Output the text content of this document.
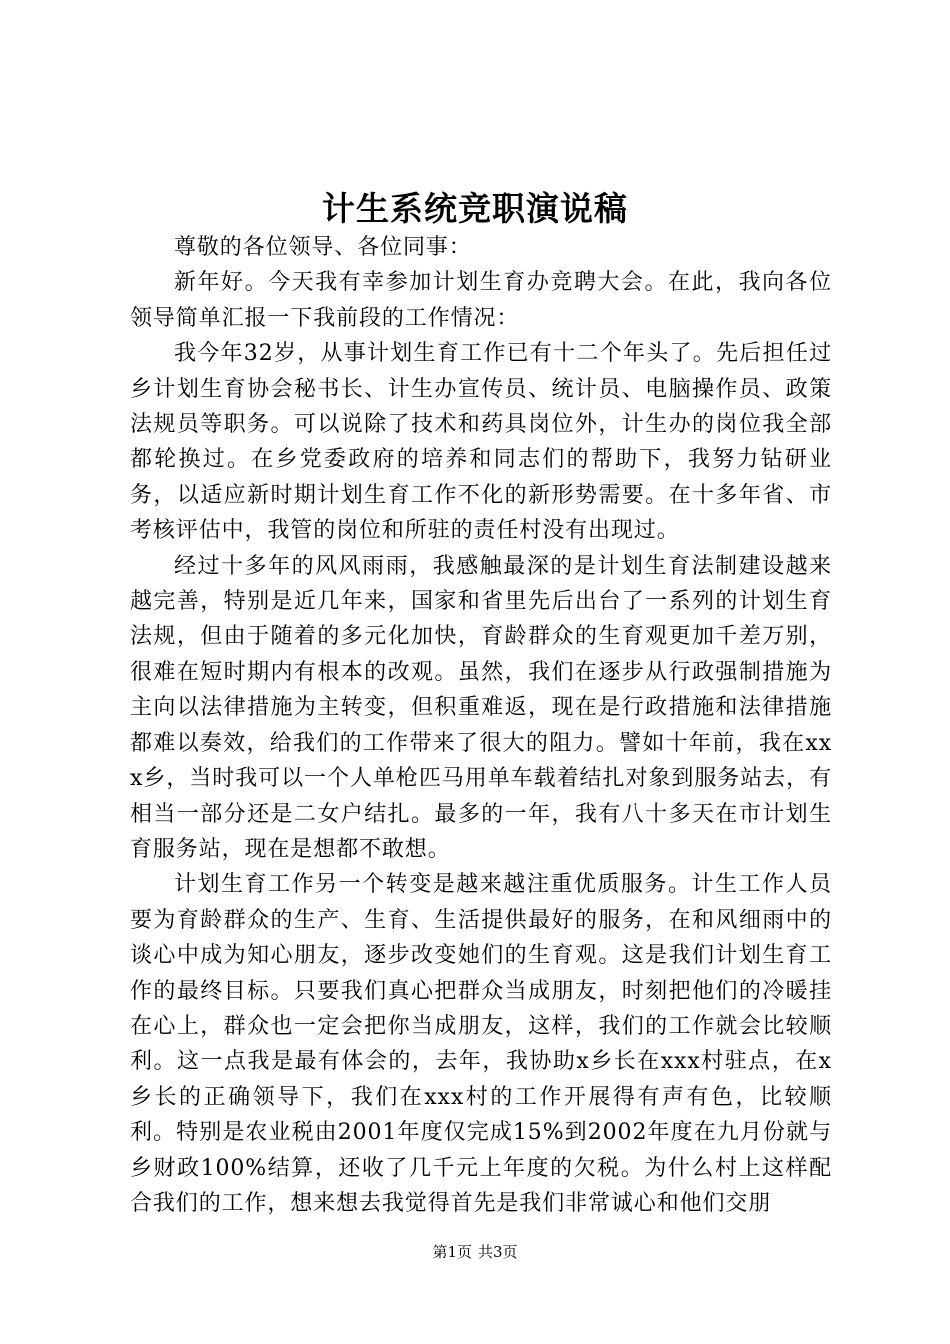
计生系统竞职演说稿

尊敬的各位领导、各位同事：

新年好。今天我有幸参加计划生育办竞聘大会。在此，我向各位领导简单汇报一下我前段的工作情况：

我今年32岁，从事计划生育工作已有十二个年头了。先后担任过乡计划生育协会秘书长、计生办宣传员、统计员、电脑操作员、政策法规员等职务。可以说除了技术和药具岗位外，计生办的岗位我全部都轮换过。在乡党委政府的培养和同志们的帮助下，我努力钻研业务，以适应新时期计划生育工作不化的新形势需要。在十多年省、市考核评估中，我管的岗位和所驻的责任村没有出现过。

经过十多年的风风雨雨，我感触最深的是计划生育法制建设越来越完善，特别是近几年来，国家和省里先后出台了一系列的计划生育法规，但由于随着的多元化加快，育龄群众的生育观更加千差万别，很难在短时期内有根本的改观。虽然，我们在逐步从行政强制措施为主向以法律措施为主转变，但积重难返，现在是行政措施和法律措施都难以奏效，给我们的工作带来了很大的阻力。譬如十年前，我在xxx乡，当时我可以一个人单枪匹马用单车载着结扎对象到服务站去，有相当一部分还是二女户结扎。最多的一年，我有八十多天在市计划生育服务站，现在是想都不敢想。

计划生育工作另一个转变是越来越注重优质服务。计生工作人员要为育龄群众的生产、生育、生活提供最好的服务，在和风细雨中的谈心中成为知心朋友，逐步改变她们的生育观。这是我们计划生育工作的最终目标。只要我们真心把群众当成朋友，时刻把他们的冷暖挂在心上，群众也一定会把你当成朋友，这样，我们的工作就会比较顺利。这一点我是最有体会的，去年，我协助x乡长在xxx村驻点，在x乡长的正确领导下，我们在xxx村的工作开展得有声有色，比较顺利。特别是农业税由2001年度仅完成15%到2002年度在九月份就与乡财政100%结算，还收了几千元上年度的欠税。为什么村上这样配合我们的工作，想来想去我觉得首先是我们非常诚心和他们交朋

第1页 共3页
